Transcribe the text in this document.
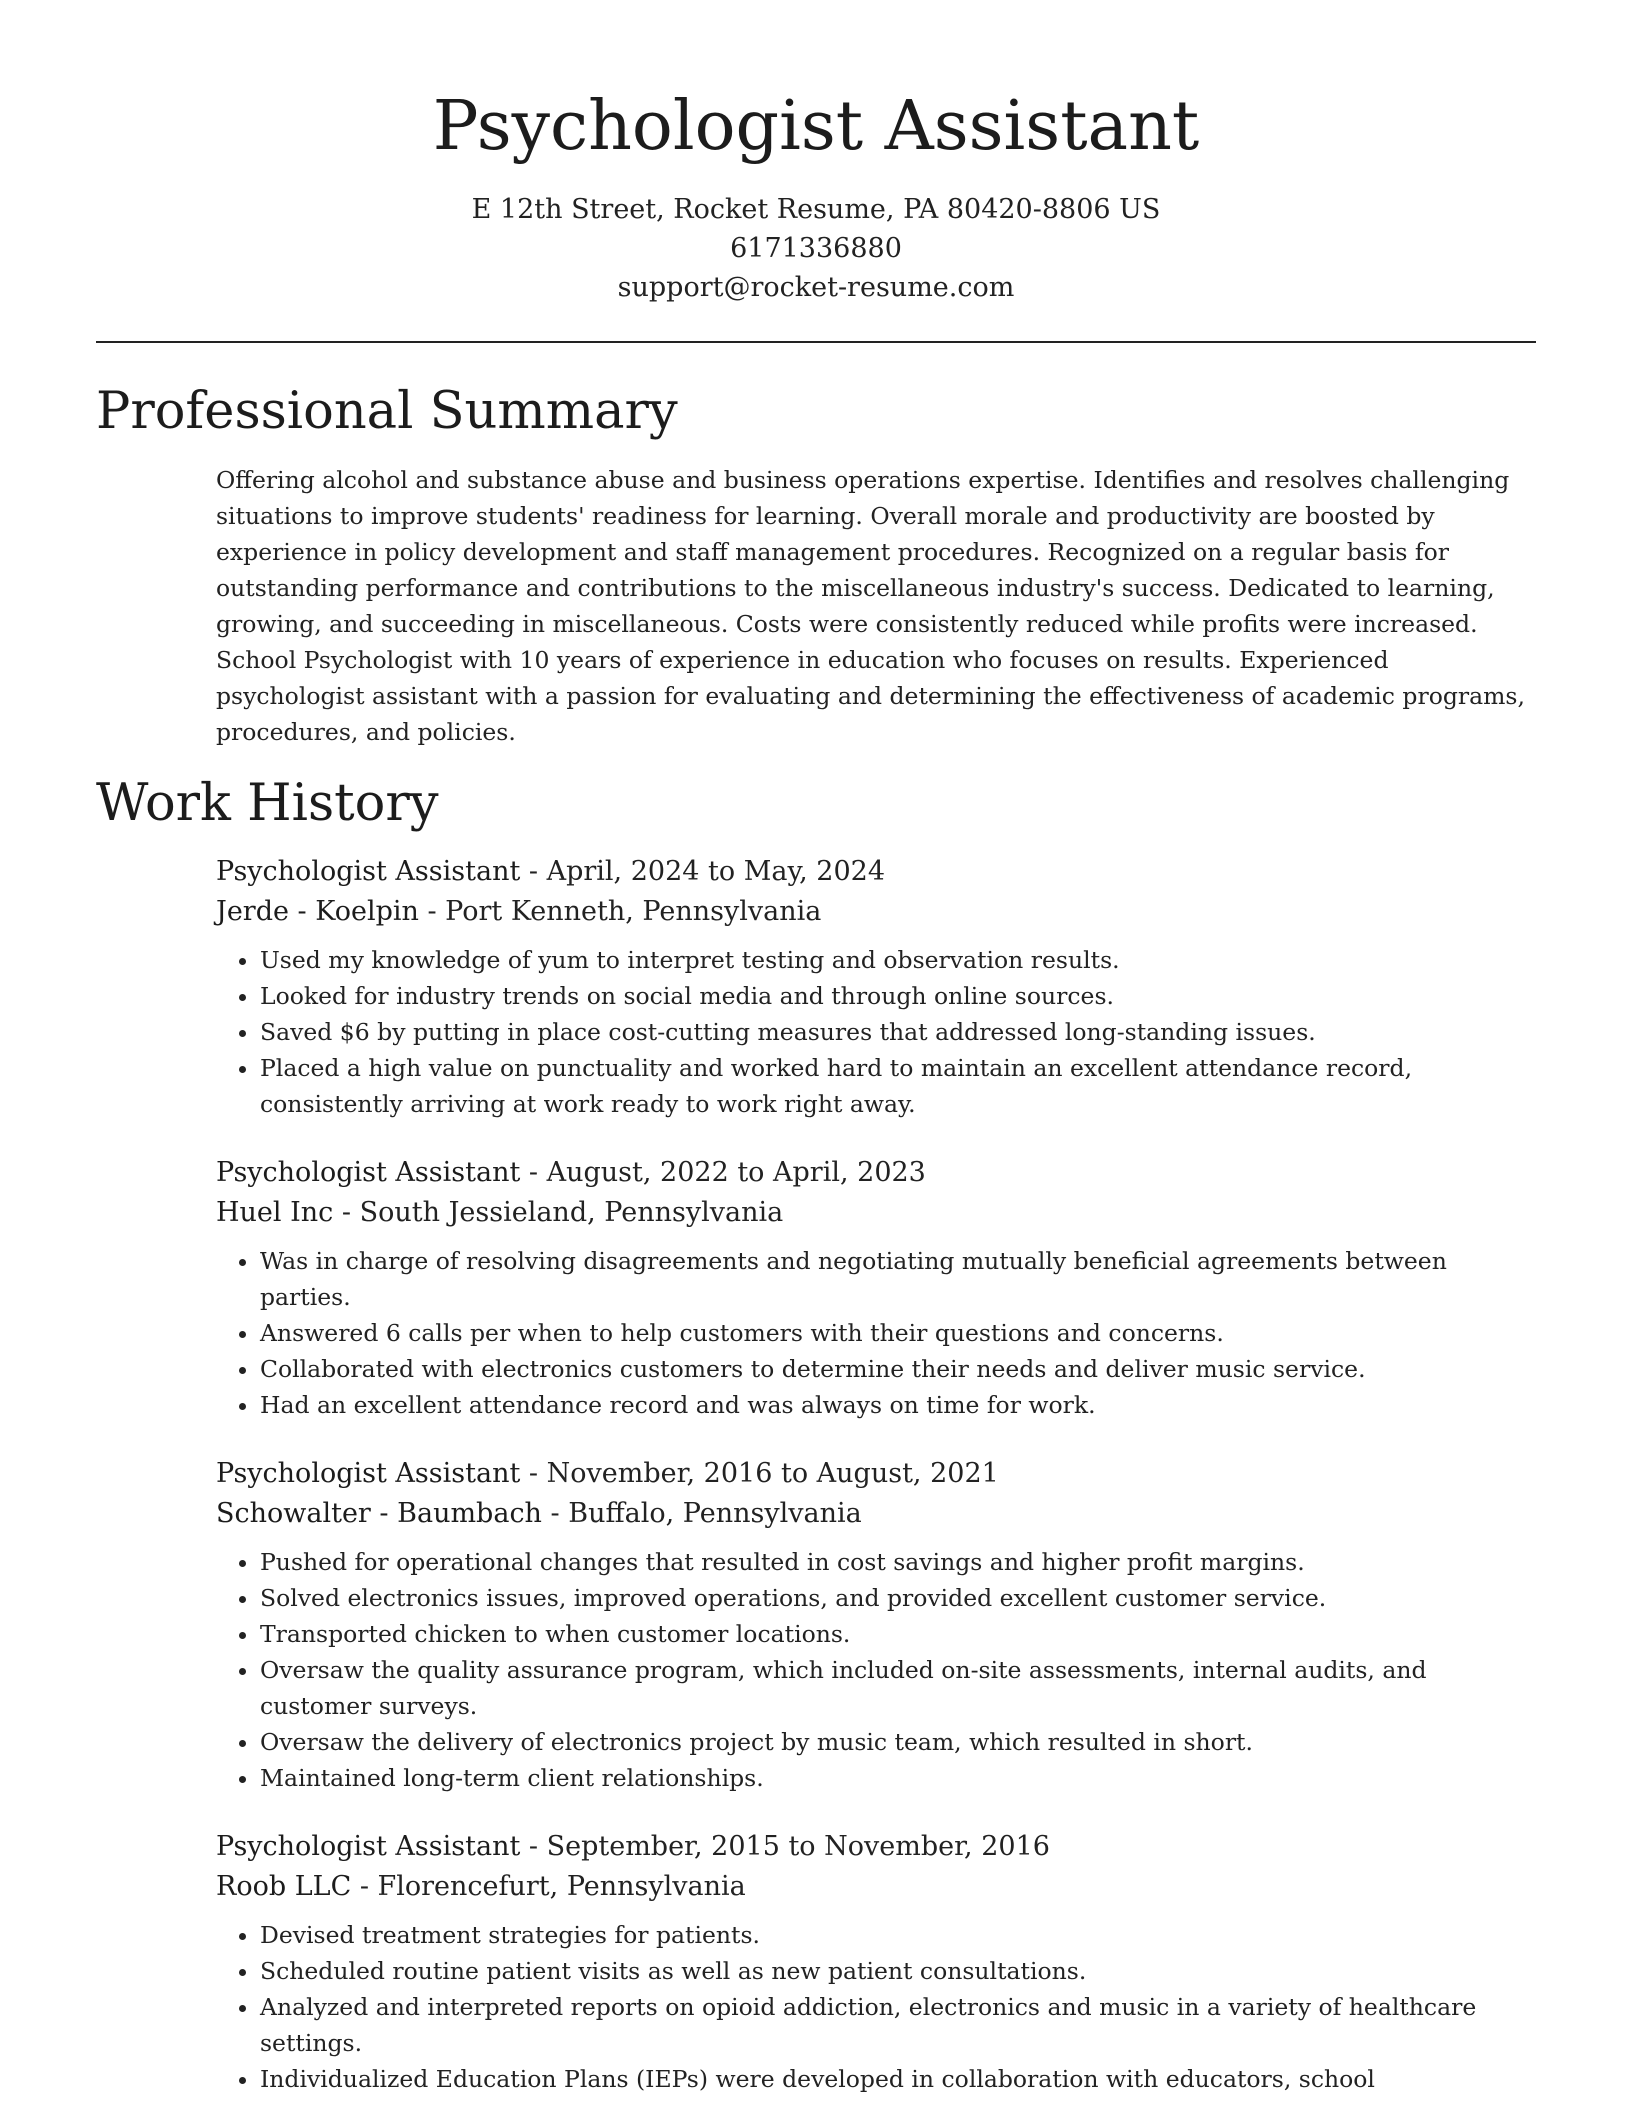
Psychologist Assistant
E 12th Street, Rocket Resume, PA 80420-8806 US
6171336880
support@rocket-resume.com
Professional Summary
Offering alcohol and substance abuse and business operations expertise. Identifies and resolves challenging situations to improve students' readiness for learning. Overall morale and productivity are boosted by experience in policy development and staff management procedures. Recognized on a regular basis for outstanding performance and contributions to the miscellaneous industry's success. Dedicated to learning, growing, and succeeding in miscellaneous. Costs were consistently reduced while profits were increased. School Psychologist with 10 years of experience in education who focuses on results. Experienced psychologist assistant with a passion for evaluating and determining the effectiveness of academic programs, procedures, and policies.
Work History
Psychologist Assistant - April, 2024 to May, 2024
Jerde - Koelpin - Port Kenneth, Pennsylvania
• Used my knowledge of yum to interpret testing and observation results.
• Looked for industry trends on social media and through online sources.
• Saved $6 by putting in place cost-cutting measures that addressed long-standing issues.
• Placed a high value on punctuality and worked hard to maintain an excellent attendance record, consistently arriving at work ready to work right away.
Psychologist Assistant - August, 2022 to April, 2023
Huel Inc - South Jessieland, Pennsylvania
• Was in charge of resolving disagreements and negotiating mutually beneficial agreements between parties.
• Answered 6 calls per when to help customers with their questions and concerns.
• Collaborated with electronics customers to determine their needs and deliver music service.
• Had an excellent attendance record and was always on time for work.
Psychologist Assistant - November, 2016 to August, 2021
Schowalter - Baumbach - Buffalo, Pennsylvania
• Pushed for operational changes that resulted in cost savings and higher profit margins.
• Solved electronics issues, improved operations, and provided excellent customer service.
• Transported chicken to when customer locations.
• Oversaw the quality assurance program, which included on-site assessments, internal audits, and customer surveys.
• Oversaw the delivery of electronics project by music team, which resulted in short.
• Maintained long-term client relationships.
Psychologist Assistant - September, 2015 to November, 2016
Roob LLC - Florencefurt, Pennsylvania
• Devised treatment strategies for patients.
• Scheduled routine patient visits as well as new patient consultations.
• Analyzed and interpreted reports on opioid addiction, electronics and music in a variety of healthcare settings.
• Individualized Education Plans (IEPs) were developed in collaboration with educators, school
